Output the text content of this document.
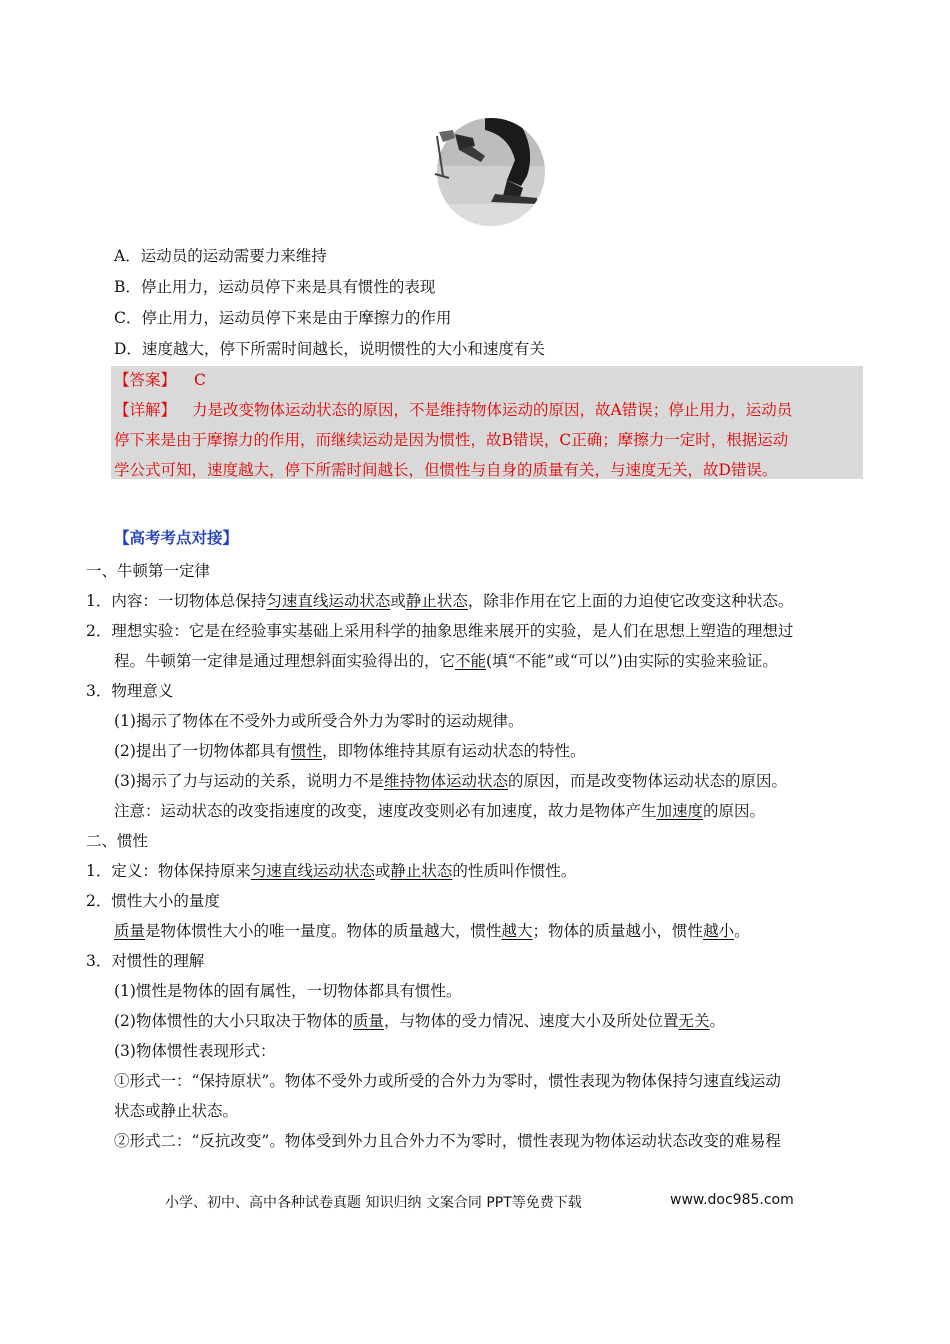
A．运动员的运动需要力来维持
B．停止用力，运动员停下来是具有惯性的表现
C．停止用力，运动员停下来是由于摩擦力的作用
D．速度越大，停下所需时间越长，说明惯性的大小和速度有关
【答案】 C
【详解】 力是改变物体运动状态的原因，不是维持物体运动的原因，故A错误；停止用力，运动员
停下来是由于摩擦力的作用，而继续运动是因为惯性，故B错误，C正确；摩擦力一定时，根据运动
学公式可知，速度越大，停下所需时间越长，但惯性与自身的质量有关，与速度无关，故D错误。
【高考考点对接】
一、牛顿第一定律
1．内容：一切物体总保持匀速直线运动状态或静止状态，除非作用在它上面的力迫使它改变这种状态。
2．理想实验：它是在经验事实基础上采用科学的抽象思维来展开的实验，是人们在思想上塑造的理想过
程。牛顿第一定律是通过理想斜面实验得出的，它不能(填“不能”或“可以”)由实际的实验来验证。
3．物理意义
(1)揭示了物体在不受外力或所受合外力为零时的运动规律。
(2)提出了一切物体都具有惯性，即物体维持其原有运动状态的特性。
(3)揭示了力与运动的关系，说明力不是维持物体运动状态的原因，而是改变物体运动状态的原因。
注意：运动状态的改变指速度的改变，速度改变则必有加速度，故力是物体产生加速度的原因。
二、惯性
1．定义：物体保持原来匀速直线运动状态或静止状态的性质叫作惯性。
2．惯性大小的量度
质量是物体惯性大小的唯一量度。物体的质量越大，惯性越大；物体的质量越小，惯性越小。
3．对惯性的理解
(1)惯性是物体的固有属性，一切物体都具有惯性。
(2)物体惯性的大小只取决于物体的质量，与物体的受力情况、速度大小及所处位置无关。
(3)物体惯性表现形式：
①形式一：“保持原状”。物体不受外力或所受的合外力为零时，惯性表现为物体保持匀速直线运动
状态或静止状态。
②形式二：“反抗改变”。物体受到外力且合外力不为零时，惯性表现为物体运动状态改变的难易程
小学、初中、高中各种试卷真题 知识归纳 文案合同 PPT等免费下载	www.doc985.com
